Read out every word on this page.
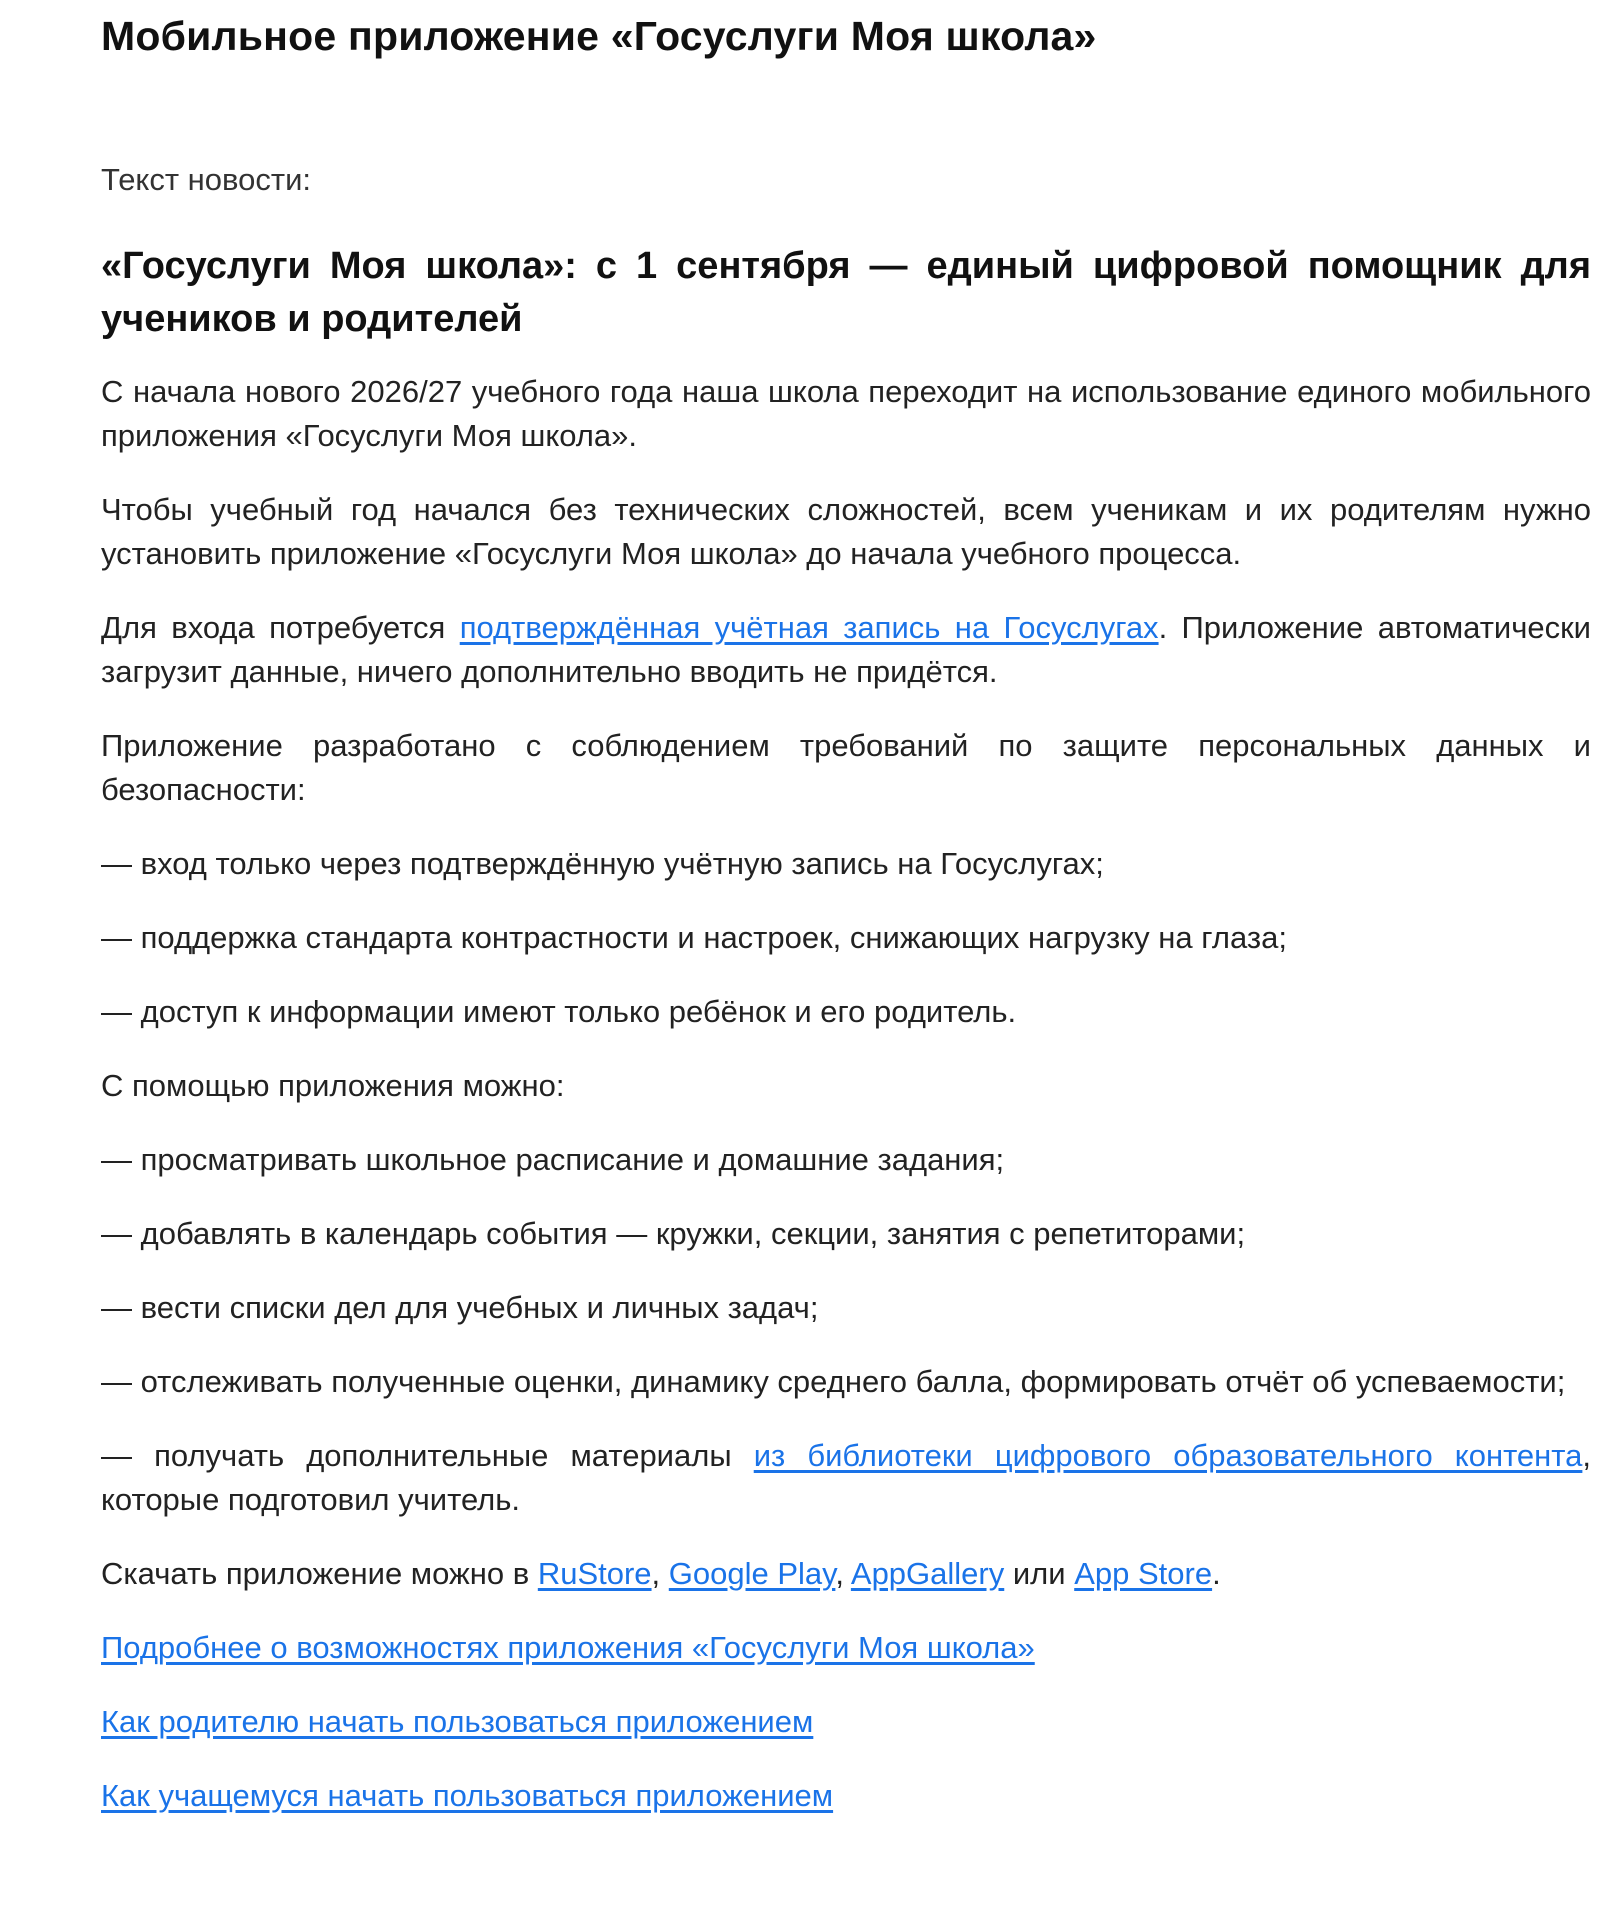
Мобильное приложение «Госуслуги Моя школа»
Текст новости:
«Госуслуги Моя школа»: с 1 сентября — единый цифровой помощник для учеников и родителей

С начала нового 2026/27 учебного года наша школа переходит на использование единого мобильного приложения «Госуслуги Моя школа».

Чтобы учебный год начался без технических сложностей, всем ученикам и их родителям нужно установить приложение «Госуслуги Моя школа» до начала учебного процесса.

Для входа потребуется подтверждённая учётная запись на Госуслугах. Приложение автоматически загрузит данные, ничего дополнительно вводить не придётся.

Приложение разработано с соблюдением требований по защите персональных данных и безопасности:

— вход только через подтверждённую учётную запись на Госуслугах;

— поддержка стандарта контрастности и настроек, снижающих нагрузку на глаза;

— доступ к информации имеют только ребёнок и его родитель.

С помощью приложения можно:

— просматривать школьное расписание и домашние задания;

— добавлять в календарь события — кружки, секции, занятия с репетиторами;

— вести списки дел для учебных и личных задач;

— отслеживать полученные оценки, динамику среднего балла, формировать отчёт об успеваемости;

— получать дополнительные материалы из библиотеки цифрового образовательного контента, которые подготовил учитель.

Скачать приложение можно в RuStore, Google Play, AppGallery или App Store.

Подробнее о возможностях приложения «Госуслуги Моя школа»

Как родителю начать пользоваться приложением

Как учащемуся начать пользоваться приложением
